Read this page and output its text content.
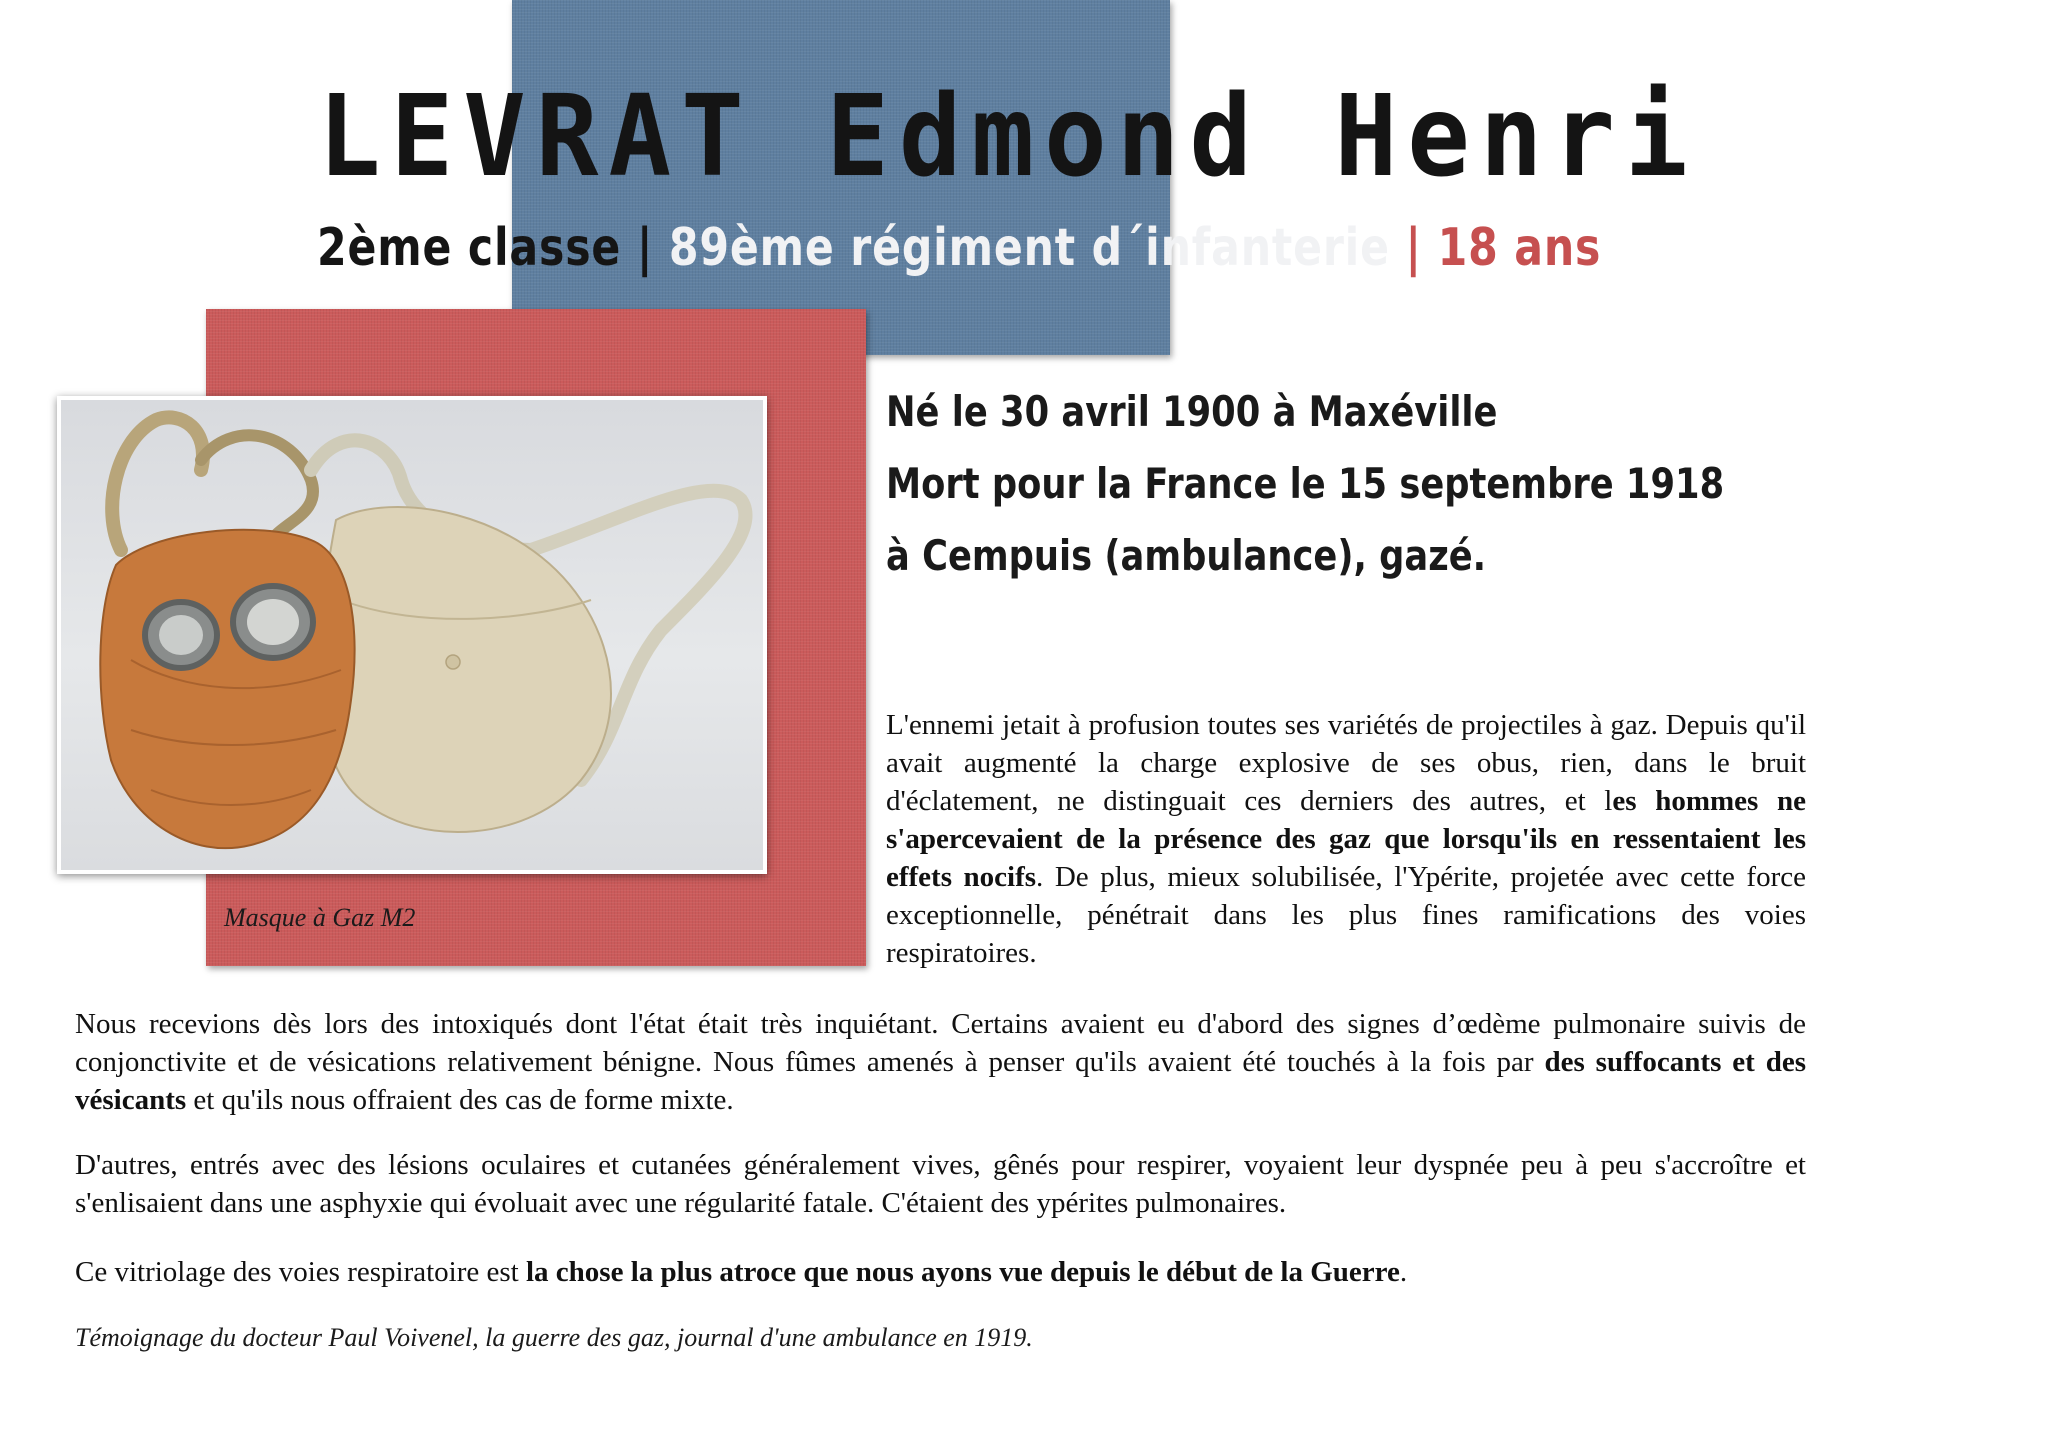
LEVRAT Edmond Henri
2ème classe | 89ème régiment d´infanterie | 18 ans
Masque à Gaz M2
Né le 30 avril 1900 à Maxéville
Mort pour la France le 15 septembre 1918
à Cempuis (ambulance), gazé.

L'ennemi jetait à profusion toutes ses variétés de projectiles à gaz. Depuis qu'il avait augmenté la charge explosive de ses obus, rien, dans le bruit d'éclatement, ne distinguait ces derniers des autres, et les hommes ne s'apercevaient de la présence des gaz que lorsqu'ils en ressentaient les effets nocifs. De plus, mieux solubilisée, l'Ypérite, projetée avec cette force exceptionnelle, pénétrait dans les plus fines ramifications des voies respiratoires.

Nous recevions dès lors des intoxiqués dont l'état était très inquiétant. Certains avaient eu d'abord des signes d’œdème pulmonaire suivis de conjonctivite et de vésications relativement bénigne. Nous fûmes amenés à penser qu'ils avaient été touchés à la fois par des suffocants et des vésicants et qu'ils nous offraient des cas de forme mixte.

D'autres, entrés avec des lésions oculaires et cutanées généralement vives, gênés pour respirer, voyaient leur dyspnée peu à peu s'accroître et s'enlisaient dans une asphyxie qui évoluait avec une régularité fatale. C'étaient des ypérites pulmonaires.

Ce vitriolage des voies respiratoire est la chose la plus atroce que nous ayons vue depuis le début de la Guerre.

Témoignage du docteur Paul Voivenel, la guerre des gaz, journal d'une ambulance en 1919.
